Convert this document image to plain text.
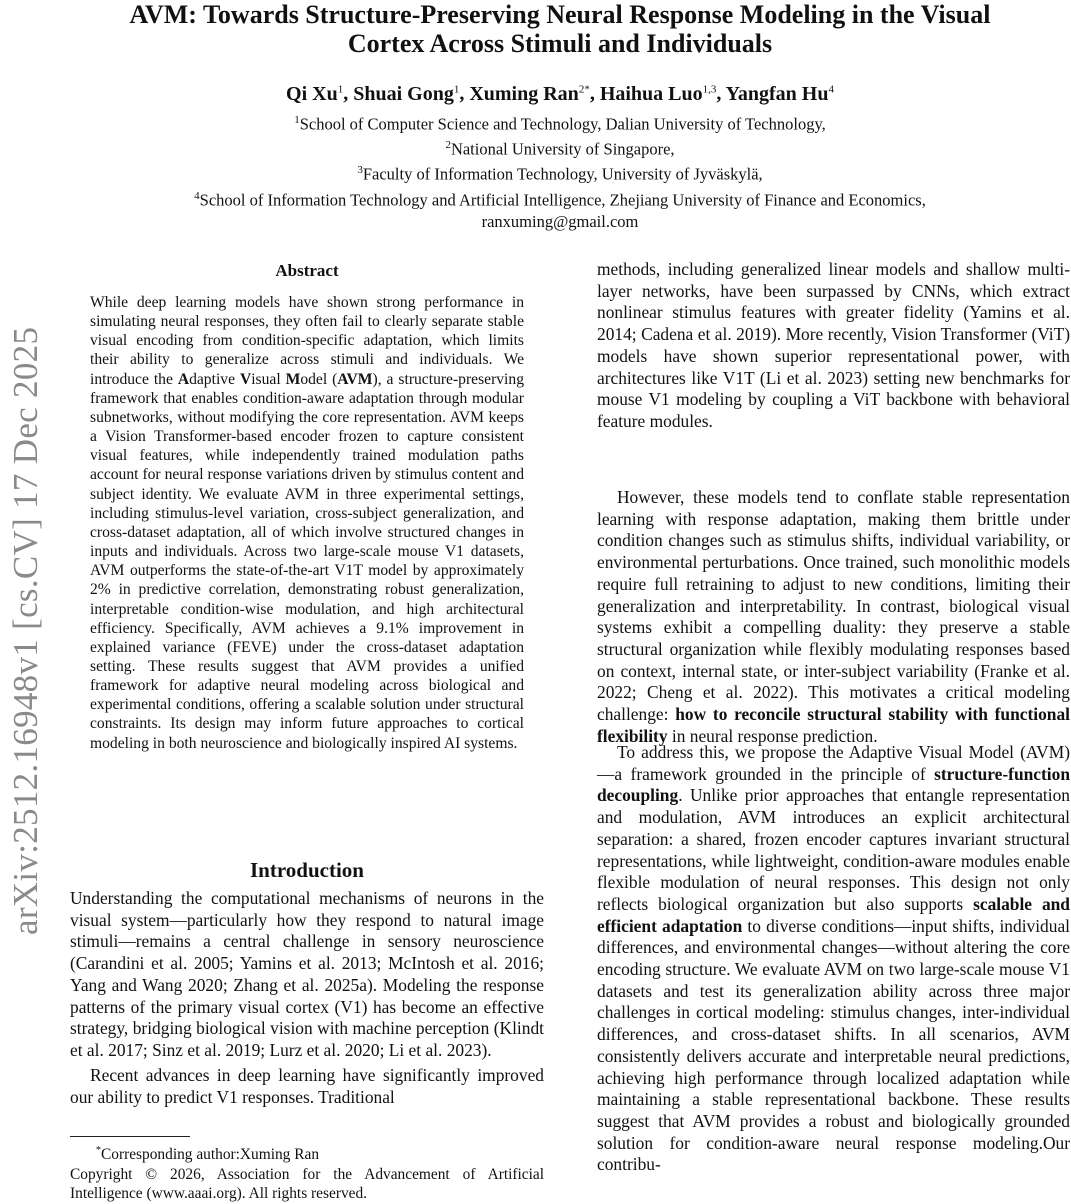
AVM: Towards Structure-Preserving Neural Response Modeling in the Visual
Cortex Across Stimuli and Individuals
Qi Xu$^1$, Shuai Gong$^1$, Xuming Ran$^{2*}$, Haihua Luo$^{1,3}$, Yangfan Hu$^4$
$^1$School of Computer Science and Technology, Dalian University of Technology,
$^2$National University of Singapore,
$^3$Faculty of Information Technology, University of Jyväskylä,
$^4$School of Information Technology and Artificial Intelligence, Zhejiang University of Finance and Economics,
ranxuming@gmail.com
arXiv:2512.16948v1 [cs.CV] 17 Dec 2025
Abstract

While deep learning models have shown strong performance in simulating neural responses, they often fail to clearly separate stable visual encoding from condition-specific adaptation, which limits their ability to generalize across stimuli and individuals. We introduce the Adaptive Visual Model (AVM), a structure-preserving framework that enables condition-aware adaptation through modular subnetworks, without modifying the core representation. AVM keeps a Vision Transformer-based encoder frozen to capture consistent visual features, while independently trained modulation paths account for neural response variations driven by stimulus content and subject identity. We evaluate AVM in three experimental settings, including stimulus-level variation, cross-subject generalization, and cross-dataset adaptation, all of which involve structured changes in inputs and individuals. Across two large-scale mouse V1 datasets, AVM outperforms the state-of-the-art V1T model by approximately 2% in predictive correlation, demonstrating robust generalization, interpretable condition-wise modulation, and high architectural efficiency. Specifically, AVM achieves a 9.1% improvement in explained variance (FEVE) under the cross-dataset adaptation setting. These results suggest that AVM provides a unified framework for adaptive neural modeling across biological and experimental conditions, offering a scalable solution under structural constraints. Its design may inform future approaches to cortical modeling in both neuroscience and biologically inspired AI systems.

Introduction

Understanding the computational mechanisms of neurons in the visual system—particularly how they respond to natural image stimuli—remains a central challenge in sensory neuroscience (Carandini et al. 2005; Yamins et al. 2013; McIntosh et al. 2016; Yang and Wang 2020; Zhang et al. 2025a). Modeling the response patterns of the primary visual cortex (V1) has become an effective strategy, bridging biological vision with machine perception (Klindt et al. 2017; Sinz et al. 2019; Lurz et al. 2020; Li et al. 2023).

Recent advances in deep learning have significantly improved our ability to predict V1 responses. Traditional

*Corresponding author:Xuming Ran
Copyright © 2026, Association for the Advancement of Artificial Intelligence (www.aaai.org). All rights reserved.

methods, including generalized linear models and shallow multi-layer networks, have been surpassed by CNNs, which extract nonlinear stimulus features with greater fidelity (Yamins et al. 2014; Cadena et al. 2019). More recently, Vision Transformer (ViT) models have shown superior representational power, with architectures like V1T (Li et al. 2023) setting new benchmarks for mouse V1 modeling by coupling a ViT backbone with behavioral feature modules.

However, these models tend to conflate stable representation learning with response adaptation, making them brittle under condition changes such as stimulus shifts, individual variability, or environmental perturbations. Once trained, such monolithic models require full retraining to adjust to new conditions, limiting their generalization and interpretability. In contrast, biological visual systems exhibit a compelling duality: they preserve a stable structural organization while flexibly modulating responses based on context, internal state, or inter-subject variability (Franke et al. 2022; Cheng et al. 2022). This motivates a critical modeling challenge: how to reconcile structural stability with functional flexibility in neural response prediction.

To address this, we propose the Adaptive Visual Model (AVM)—a framework grounded in the principle of structure-function decoupling. Unlike prior approaches that entangle representation and modulation, AVM introduces an explicit architectural separation: a shared, frozen encoder captures invariant structural representations, while lightweight, condition-aware modules enable flexible modulation of neural responses. This design not only reflects biological organization but also supports scalable and efficient adaptation to diverse conditions—input shifts, individual differences, and environmental changes—without altering the core encoding structure. We evaluate AVM on two large-scale mouse V1 datasets and test its generalization ability across three major challenges in cortical modeling: stimulus changes, inter-individual differences, and cross-dataset shifts. In all scenarios, AVM consistently delivers accurate and interpretable neural predictions, achieving high performance through localized adaptation while maintaining a stable representational backbone. These results suggest that AVM provides a robust and biologically grounded solution for condition-aware neural response modeling.Our contribu-
